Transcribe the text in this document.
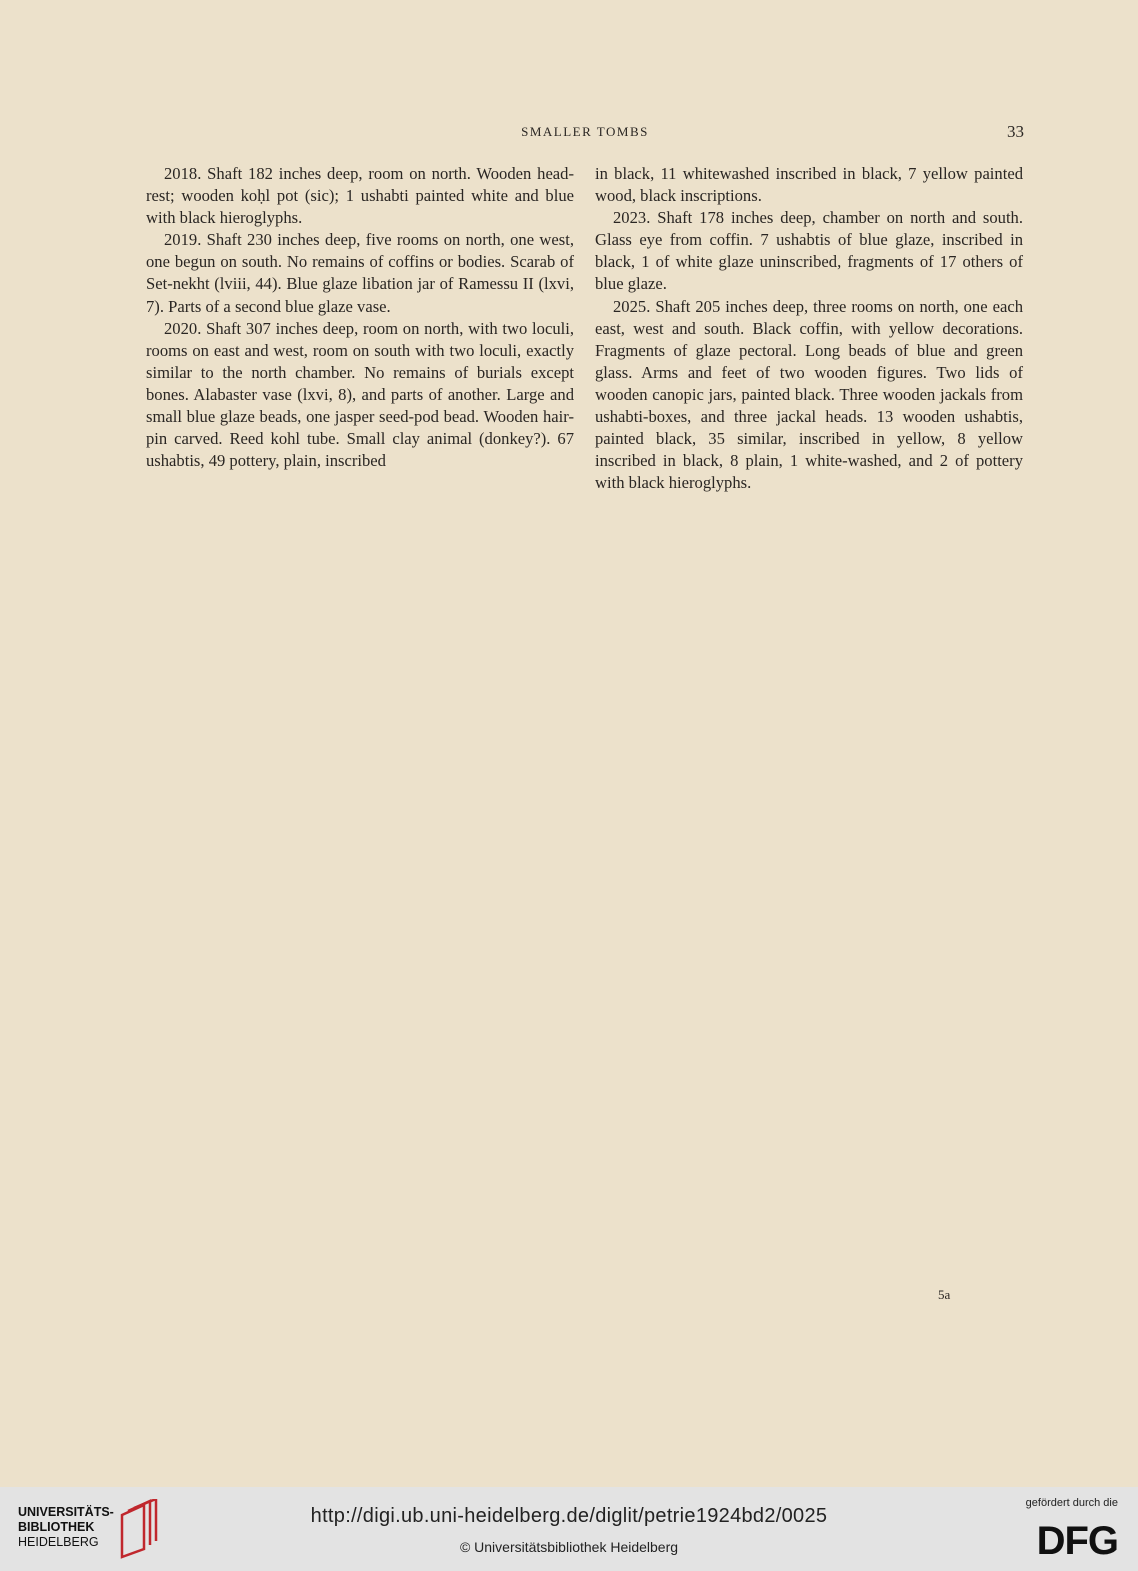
SMALLER TOMBS	33

2018. Shaft 182 inches deep, room on north. Wooden head-rest; wooden koḥl pot (sic); 1 ushabti painted white and blue with black hieroglyphs.

2019. Shaft 230 inches deep, five rooms on north, one west, one begun on south. No remains of coffins or bodies. Scarab of Set-nekht (lviii, 44). Blue glaze libation jar of Ramessu II (lxvi, 7). Parts of a second blue glaze vase.

2020. Shaft 307 inches deep, room on north, with two loculi, rooms on east and west, room on south with two loculi, exactly similar to the north chamber. No remains of burials except bones. Alabaster vase (lxvi, 8), and parts of another. Large and small blue glaze beads, one jasper seed-pod bead. Wooden hair-pin carved. Reed kohl tube. Small clay animal (donkey?). 67 ushabtis, 49 pottery, plain, inscribed

in black, 11 whitewashed inscribed in black, 7 yellow painted wood, black inscriptions.

2023. Shaft 178 inches deep, chamber on north and south. Glass eye from coffin. 7 ushabtis of blue glaze, inscribed in black, 1 of white glaze uninscribed, fragments of 17 others of blue glaze.

2025. Shaft 205 inches deep, three rooms on north, one each east, west and south. Black coffin, with yellow decorations. Fragments of glaze pectoral. Long beads of blue and green glass. Arms and feet of two wooden figures. Two lids of wooden canopic jars, painted black. Three wooden jackals from ushabti-boxes, and three jackal heads. 13 wooden ushabtis, painted black, 35 similar, inscribed in yellow, 8 yellow inscribed in black, 8 plain, 1 white-washed, and 2 of pottery with black hieroglyphs.

5a
UNIVERSITÄTS-
BIBLIOTHEK
HEIDELBERG
http://digi.ub.uni-heidelberg.de/diglit/petrie1924bd2/0025
© Universitätsbibliothek Heidelberg
gefördert durch die
DFG
